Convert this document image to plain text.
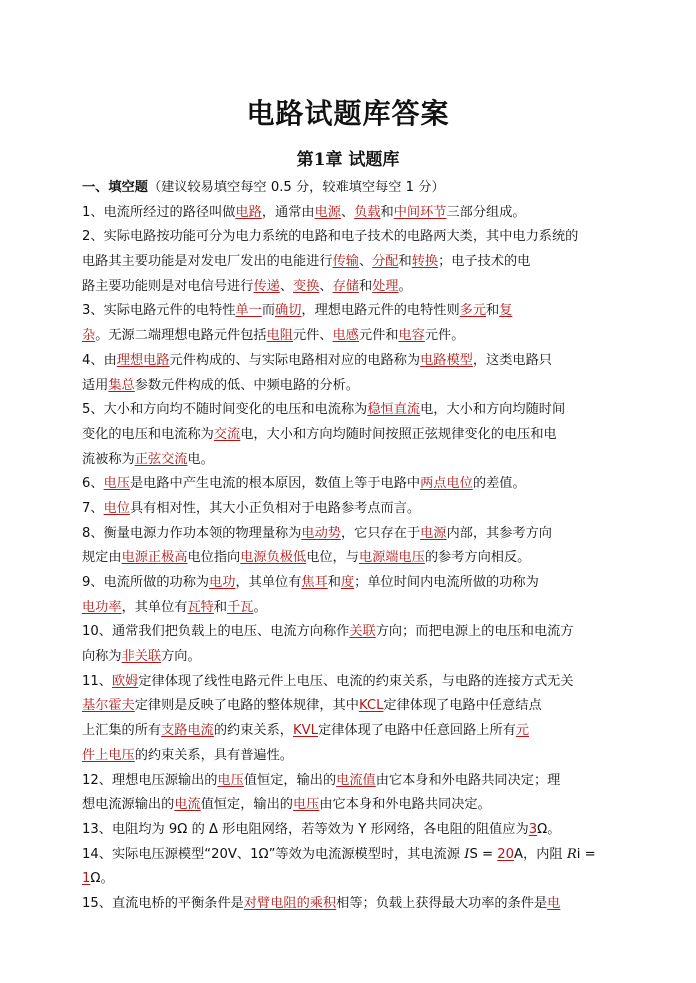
电路试题库答案
第1章 试题库
一、填空题（建议较易填空每空 0.5 分，较难填空每空 1 分）
1、电流所经过的路径叫做电路，通常由电源、负载和中间环节三部分组成。
2、实际电路按功能可分为电力系统的电路和电子技术的电路两大类，其中电力系统的
电路其主要功能是对发电厂发出的电能进行传输、分配和转换；电子技术的电
路主要功能则是对电信号进行传递、变换、存储和处理。
3、实际电路元件的电特性单一而确切，理想电路元件的电特性则多元和复
杂。无源二端理想电路元件包括电阻元件、电感元件和电容元件。
4、由理想电路元件构成的、与实际电路相对应的电路称为电路模型，这类电路只
适用集总参数元件构成的低、中频电路的分析。
5、大小和方向均不随时间变化的电压和电流称为稳恒直流电，大小和方向均随时间
变化的电压和电流称为交流电，大小和方向均随时间按照正弦规律变化的电压和电
流被称为正弦交流电。
6、电压是电路中产生电流的根本原因，数值上等于电路中两点电位的差值。
7、电位具有相对性，其大小正负相对于电路参考点而言。
8、衡量电源力作功本领的物理量称为电动势，它只存在于电源内部，其参考方向
规定由电源正极高电位指向电源负极低电位，与电源端电压的参考方向相反。
9、电流所做的功称为电功，其单位有焦耳和度；单位时间内电流所做的功称为
电功率，其单位有瓦特和千瓦。
10、通常我们把负载上的电压、电流方向称作关联方向；而把电源上的电压和电流方
向称为非关联方向。
11、欧姆定律体现了线性电路元件上电压、电流的约束关系，与电路的连接方式无关
基尔霍夫定律则是反映了电路的整体规律，其中KCL定律体现了电路中任意结点
上汇集的所有支路电流的约束关系，KVL定律体现了电路中任意回路上所有元
件上电压的约束关系，具有普遍性。
12、理想电压源输出的电压值恒定，输出的电流值由它本身和外电路共同决定；理
想电流源输出的电流值恒定，输出的电压由它本身和外电路共同决定。
13、电阻均为 9Ω 的 Δ 形电阻网络，若等效为 Y 形网络，各电阻的阻值应为3Ω。
14、实际电压源模型“20V、1Ω”等效为电流源模型时，其电流源 IS = 20A，内阻 Ri =
1Ω。
15、直流电桥的平衡条件是对臂电阻的乘积相等；负载上获得最大功率的条件是电
